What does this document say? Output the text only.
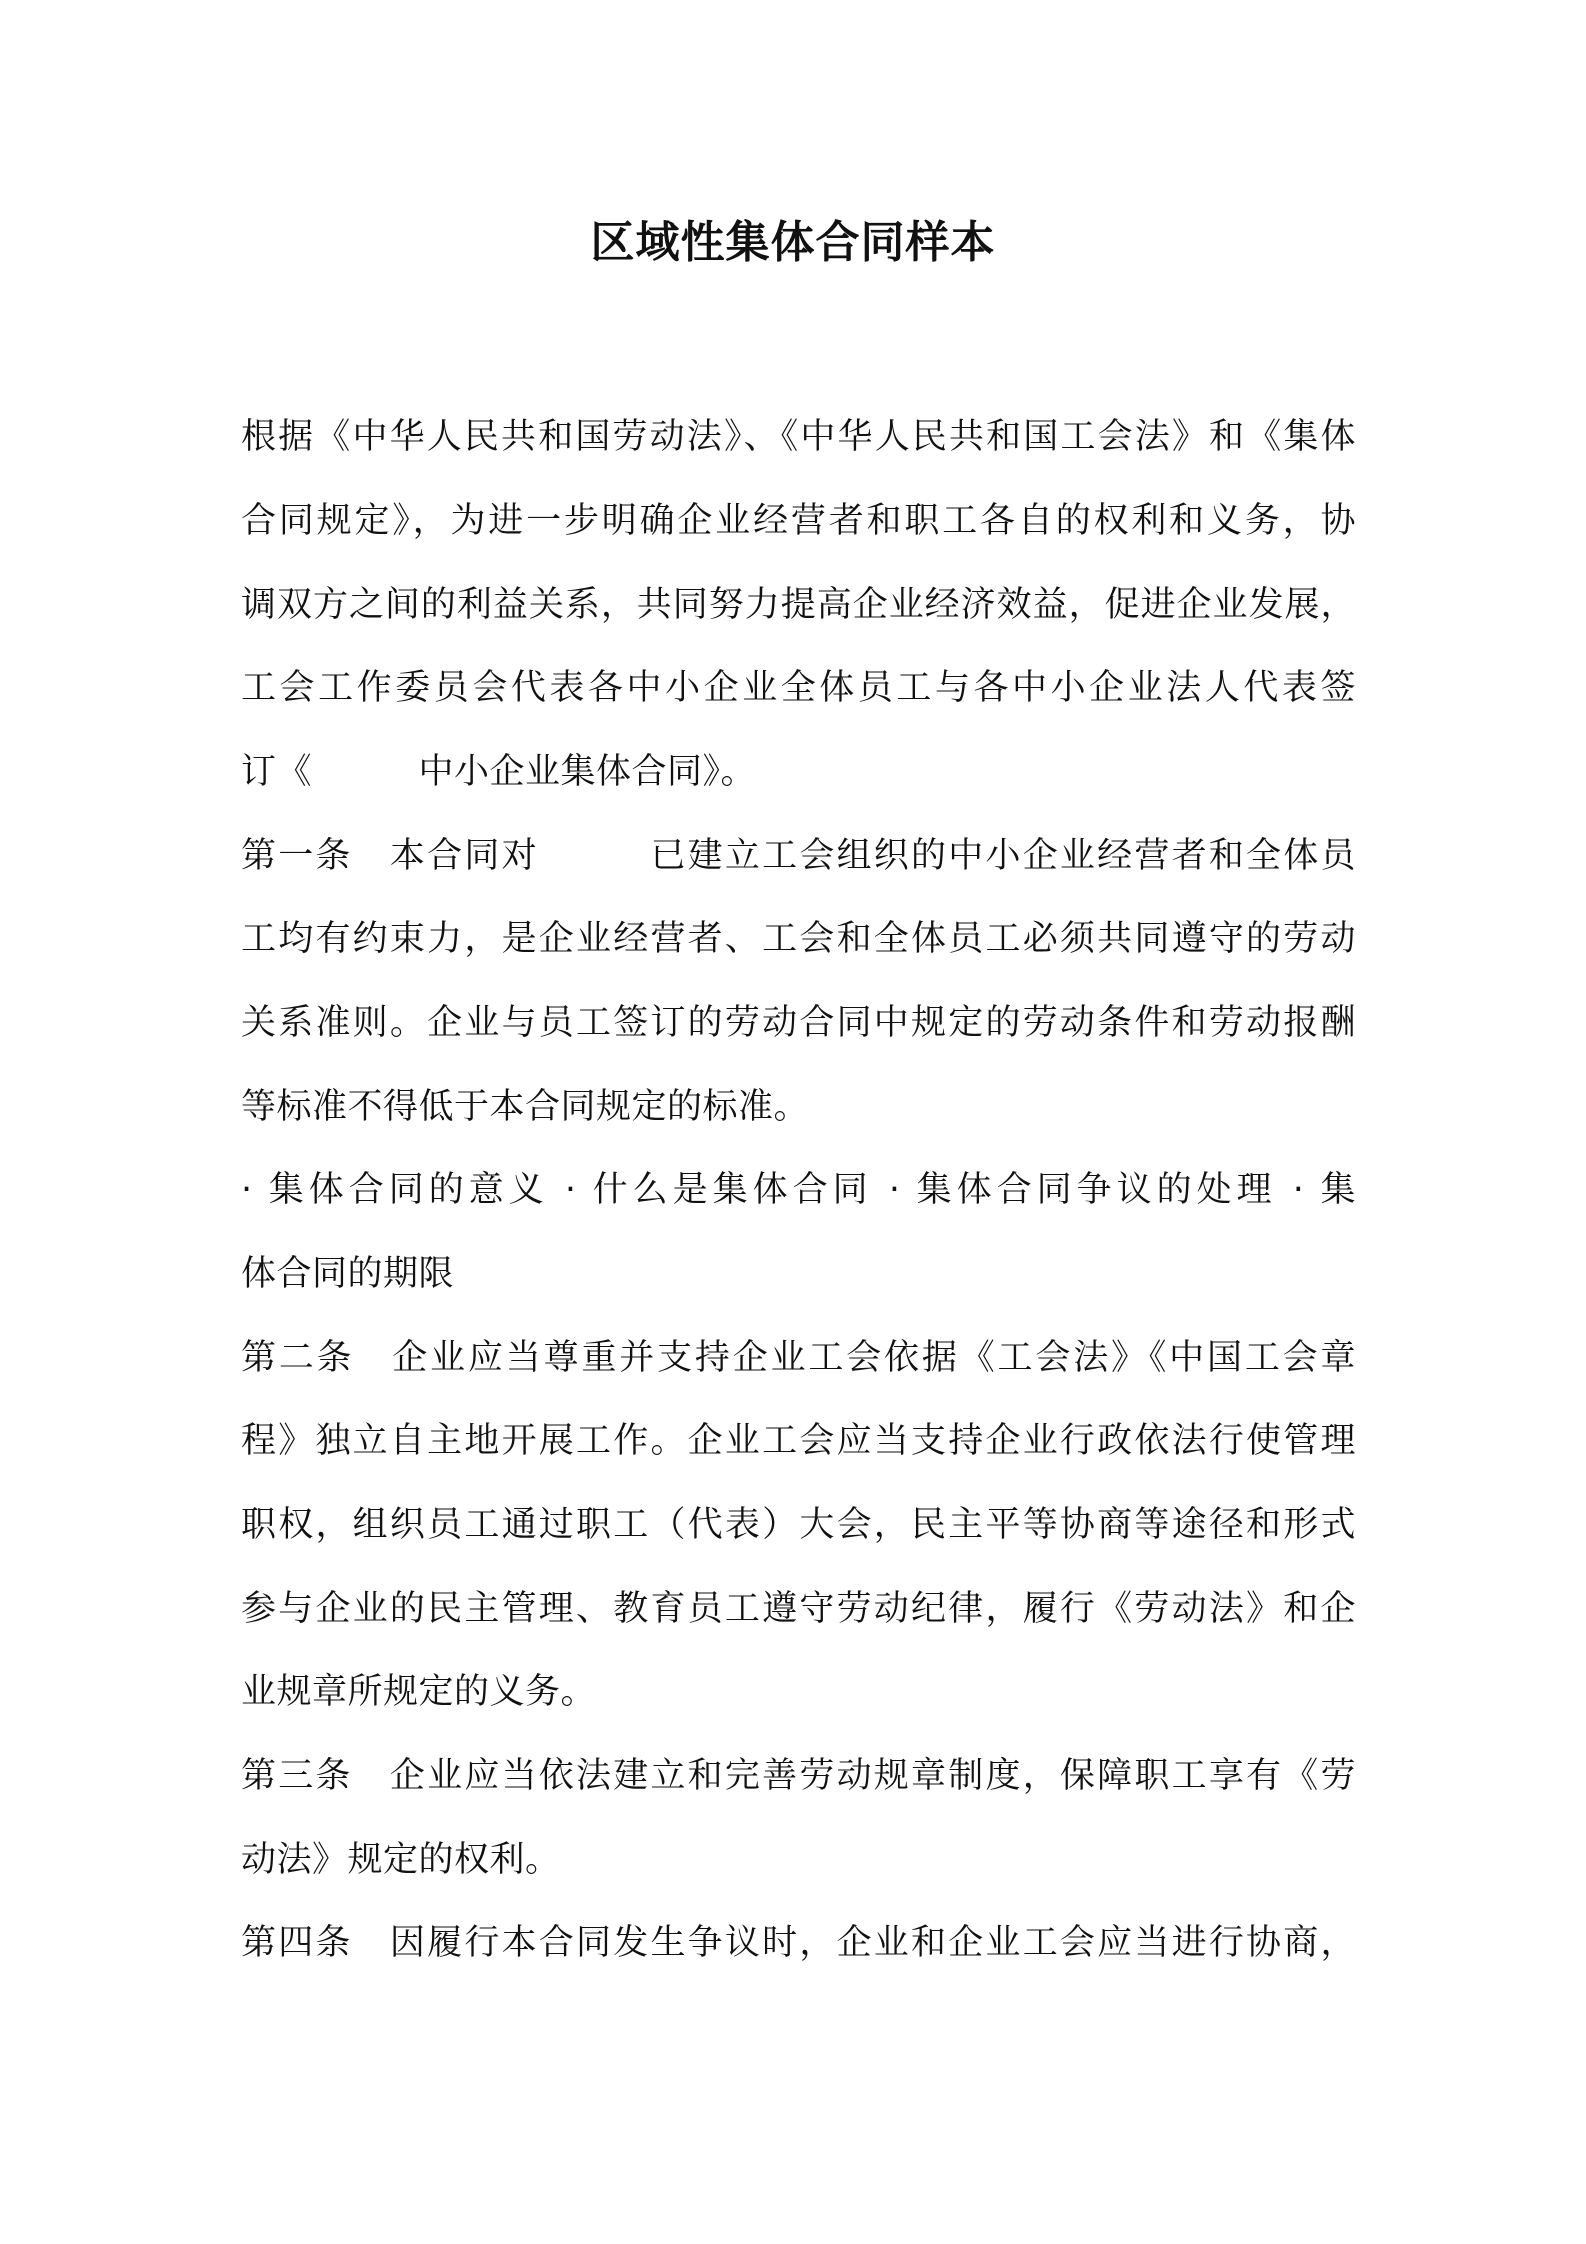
区域性集体合同样本
根据《中华人民共和国劳动法》、《中华人民共和国工会法》和《集体
合同规定》，为进一步明确企业经营者和职工各自的权利和义务，协
调双方之间的利益关系，共同努力提高企业经济效益，促进企业发展，
工会工作委员会代表各中小企业全体员工与各中小企业法人代表签
订《　　　中小企业集体合同》。
第一条　本合同对　　　已建立工会组织的中小企业经营者和全体员
工均有约束力，是企业经营者、工会和全体员工必须共同遵守的劳动
关系准则。企业与员工签订的劳动合同中规定的劳动条件和劳动报酬
等标准不得低于本合同规定的标准。
· 集体合同的意义 · 什么是集体合同 · 集体合同争议的处理 · 集
体合同的期限
第二条　企业应当尊重并支持企业工会依据《工会法》《中国工会章
程》独立自主地开展工作。企业工会应当支持企业行政依法行使管理
职权，组织员工通过职工（代表）大会，民主平等协商等途径和形式
参与企业的民主管理、教育员工遵守劳动纪律，履行《劳动法》和企
业规章所规定的义务。
第三条　企业应当依法建立和完善劳动规章制度，保障职工享有《劳
动法》规定的权利。
第四条　因履行本合同发生争议时，企业和企业工会应当进行协商，
